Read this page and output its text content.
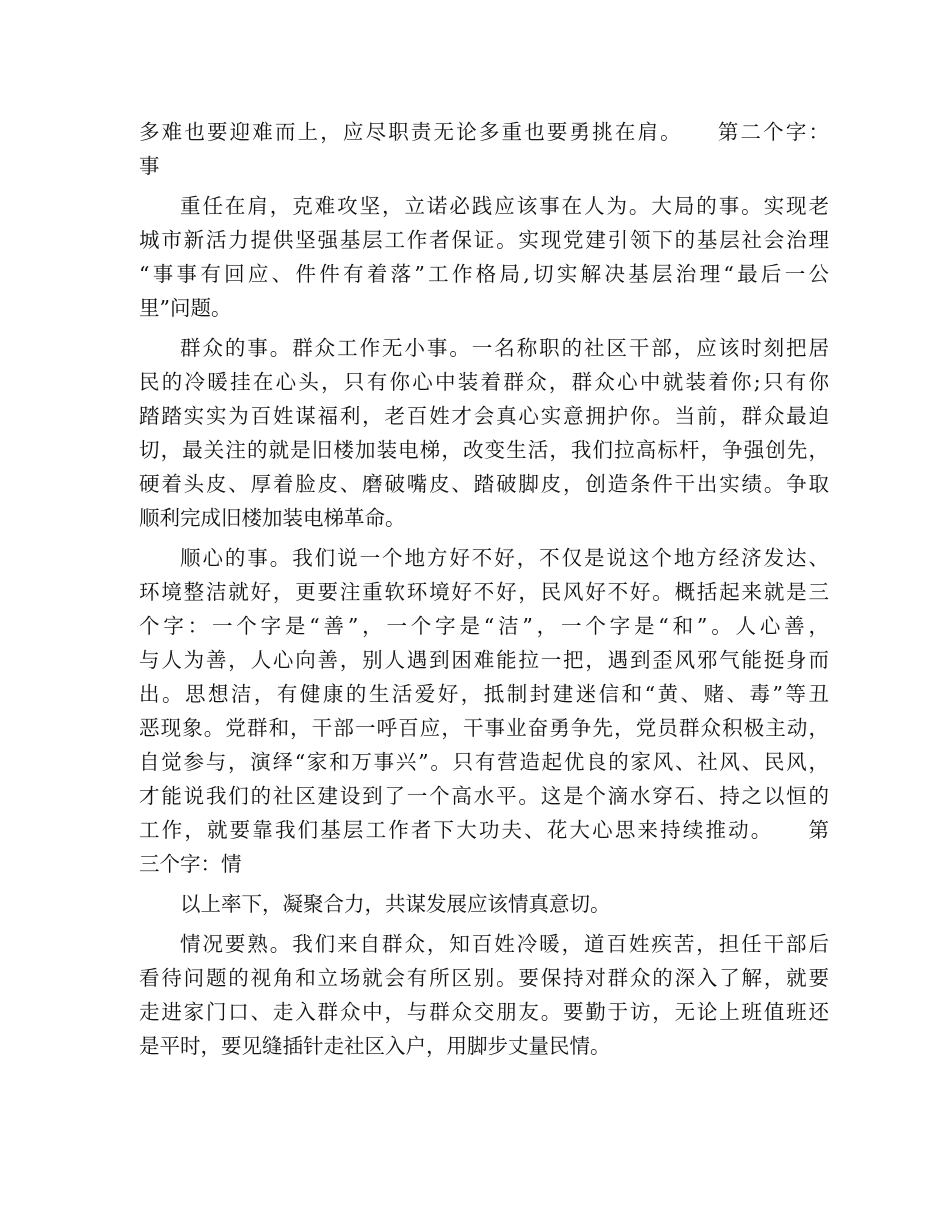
多难也要迎难而上，应尽职责无论多重也要勇挑在肩。　　第二个字：
事
重任在肩，克难攻坚，立诺必践应该事在人为。大局的事。实现老
城市新活力提供坚强基层工作者保证。实现党建引领下的基层社会治理
“事事有回应、件件有着落”工作格局,切实解决基层治理“最后一公
里”问题。
群众的事。群众工作无小事。一名称职的社区干部，应该时刻把居
民的冷暖挂在心头，只有你心中装着群众，群众心中就装着你;只有你
踏踏实实为百姓谋福利，老百姓才会真心实意拥护你。当前，群众最迫
切，最关注的就是旧楼加装电梯，改变生活，我们拉高标杆，争强创先，
硬着头皮、厚着脸皮、磨破嘴皮、踏破脚皮，创造条件干出实绩。争取
顺利完成旧楼加装电梯革命。
顺心的事。我们说一个地方好不好，不仅是说这个地方经济发达、
环境整洁就好，更要注重软环境好不好，民风好不好。概括起来就是三
个字：一个字是“善”，一个字是“洁”，一个字是“和”。人心善，
与人为善，人心向善，别人遇到困难能拉一把，遇到歪风邪气能挺身而
出。思想洁，有健康的生活爱好，抵制封建迷信和“黄、赌、毒”等丑
恶现象。党群和，干部一呼百应，干事业奋勇争先，党员群众积极主动，
自觉参与，演绎“家和万事兴”。只有营造起优良的家风、社风、民风，
才能说我们的社区建设到了一个高水平。这是个滴水穿石、持之以恒的
工作，就要靠我们基层工作者下大功夫、花大心思来持续推动。　　第
三个字：情
以上率下，凝聚合力，共谋发展应该情真意切。
情况要熟。我们来自群众，知百姓冷暖，道百姓疾苦，担任干部后
看待问题的视角和立场就会有所区别。要保持对群众的深入了解，就要
走进家门口、走入群众中，与群众交朋友。要勤于访，无论上班值班还
是平时，要见缝插针走社区入户，用脚步丈量民情。
